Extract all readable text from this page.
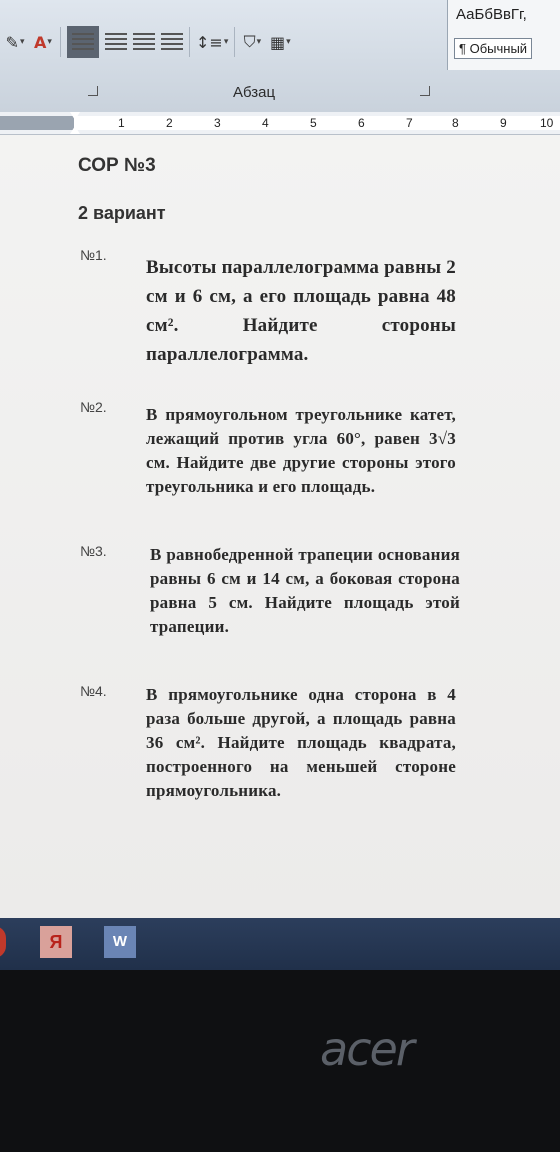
✎ ▾ A ▾	↕≡ ▾ ⛉ ▾ ▦ ▾
АаБбВвГг,
¶ Обычный
Абзац
1	2	3	4	5	6	7	8	9	10
СОР №3
2 вариант
№1.
Высоты параллелограмма равны 2 см и 6 см, а его площадь равна 48 см². Найдите стороны параллелограмма.
№2. В прямоугольном треугольнике катет, лежащий против угла 60°, равен 3√3 см. Найдите две другие стороны этого треугольника и его площадь.
№3.	В равнобедренной трапеции основания равны 6 см и 14 см, а боковая сторона равна 5 см. Найдите площадь этой трапеции.
№4. В прямоугольнике одна сторона в 4 раза больше другой, а площадь равна 36 см². Найдите площадь квадрата, построенного на меньшей стороне прямоугольника.
Я	W
acer
